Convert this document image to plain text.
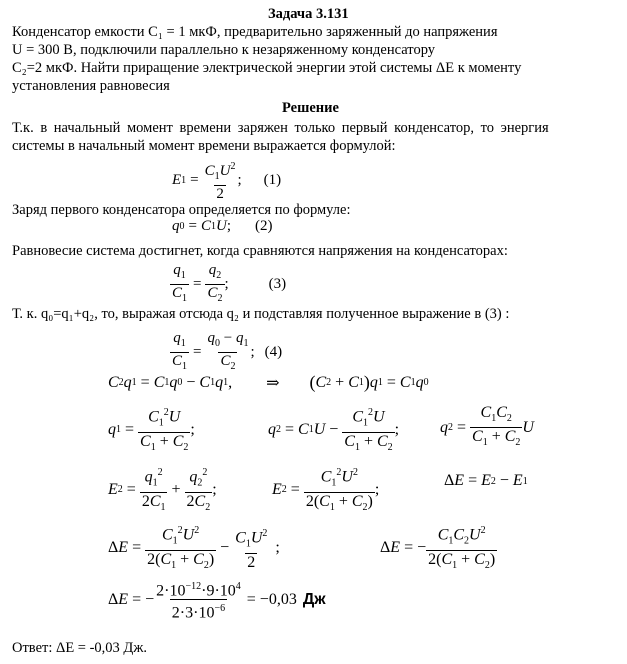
Задача 3.131
Конденсатор емкости С₁ = 1 мкФ, предварительно заряженный до напряжения
U = 300 В, подключили параллельно к незаряженному конденсатору
С₂=2 мкФ. Найти приращение электрической энергии этой системы ΔЕ к моменту
установления равновесия
Решение
Т.к. в начальный момент времени заряжен только первый конденсатор, то энергия
системы в начальный момент времени выражается формулой:
E $1 = \frac{C_1U^2}{2}$ ; (1)
Заряд первого конденсатора определяется по формуле:
q 0 = C 1 U ; (2)
Равновесие система достигнет, когда сравняются напряжения на конденсаторах:
$\frac{q_1}{C_1} = \frac{q_2}{C_2}$ ;	(3)
Т. к. q₀=q₁+q₂, то, выражая отсюда q₂ и подставляя полученное выражение в (3) :
$\frac{q_1}{C_1} = \frac{q_0 - q_1}{C_2}$ ; (4)
C 2 q 1 = C 1 q 0 − C 1 q 1 , ⇒ ( C 2 + C 1 ) q 1 = C 1 q 0
q $1 = \frac{C_1^2U}{C_1 + C_2}$ ;	q 2 = C 1 $U - \frac{C_1^2U}{C_1 + C_2}$ ;	q $2 = \frac{C_1C_2}{C_1 + C_2}$ U
E $2 = \frac{q_1^2}{2C_1} + \frac{q_2^2}{2C_2}$ ;	E $2 = \frac{C_1^2U^2}{2(C_1 + C_2)}$ ;
Δ E = E 2 − E 1
Δ $E = \frac{C_1^2U^2}{2(C_1 + C_2)} - \frac{C_1U^2}{2}$ ;	Δ E = − $\frac{C_1C_2U^2}{2(C_1 + C_2)}$
Δ E = − $\frac{2\cdot 10^{-12}\cdot 9\cdot 10^4}{2\cdot 3\cdot 10^{-6}} = -0,03$ Дж
Ответ: ΔЕ = -0,03 Дж.
